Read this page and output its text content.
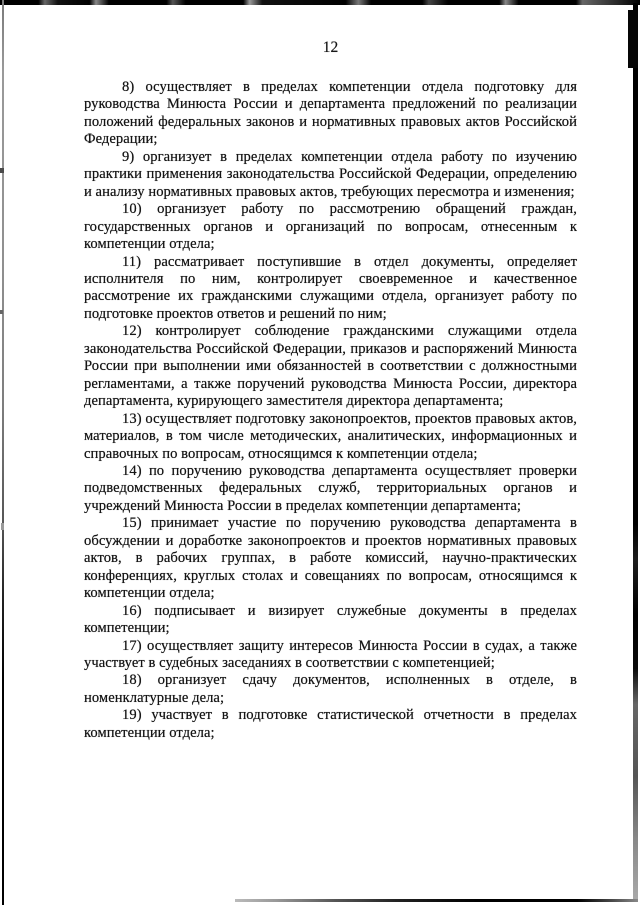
12

8) осуществляет в пределах компетенции отдела подготовку для руководства Минюста России и департамента предложений по реализации положений федеральных законов и нормативных правовых актов Российской Федерации;

9) организует в пределах компетенции отдела работу по изучению практики применения законодательства Российской Федерации, определению и анализу нормативных правовых актов, требующих пересмотра и изменения;

10) организует работу по рассмотрению обращений граждан, государственных органов и организаций по вопросам, отнесенным к компетенции отдела;

11) рассматривает поступившие в отдел документы, определяет исполнителя по ним, контролирует своевременное и качественное рассмотрение их гражданскими служащими отдела, организует работу по подготовке проектов ответов и решений по ним;

12) контролирует соблюдение гражданскими служащими отдела законодательства Российской Федерации, приказов и распоряжений Минюста России при выполнении ими обязанностей в соответствии с должностными регламентами, а также поручений руководства Минюста России, директора департамента, курирующего заместителя директора департамента;

13) осуществляет подготовку законопроектов, проектов правовых актов, материалов, в том числе методических, аналитических, информационных и справочных по вопросам, относящимся к компетенции отдела;

14) по поручению руководства департамента осуществляет проверки подведомственных федеральных служб, территориальных органов и учреждений Минюста России в пределах компетенции департамента;

15) принимает участие по поручению руководства департамента в обсуждении и доработке законопроектов и проектов нормативных правовых актов, в рабочих группах, в работе комиссий, научно-практических конференциях, круглых столах и совещаниях по вопросам, относящимся к компетенции отдела;

16) подписывает и визирует служебные документы в пределах компетенции;

17) осуществляет защиту интересов Минюста России в судах, а также участвует в судебных заседаниях в соответствии с компетенцией;

18) организует сдачу документов, исполненных в отделе, в номенклатурные дела;

19) участвует в подготовке статистической отчетности в пределах компетенции отдела;
